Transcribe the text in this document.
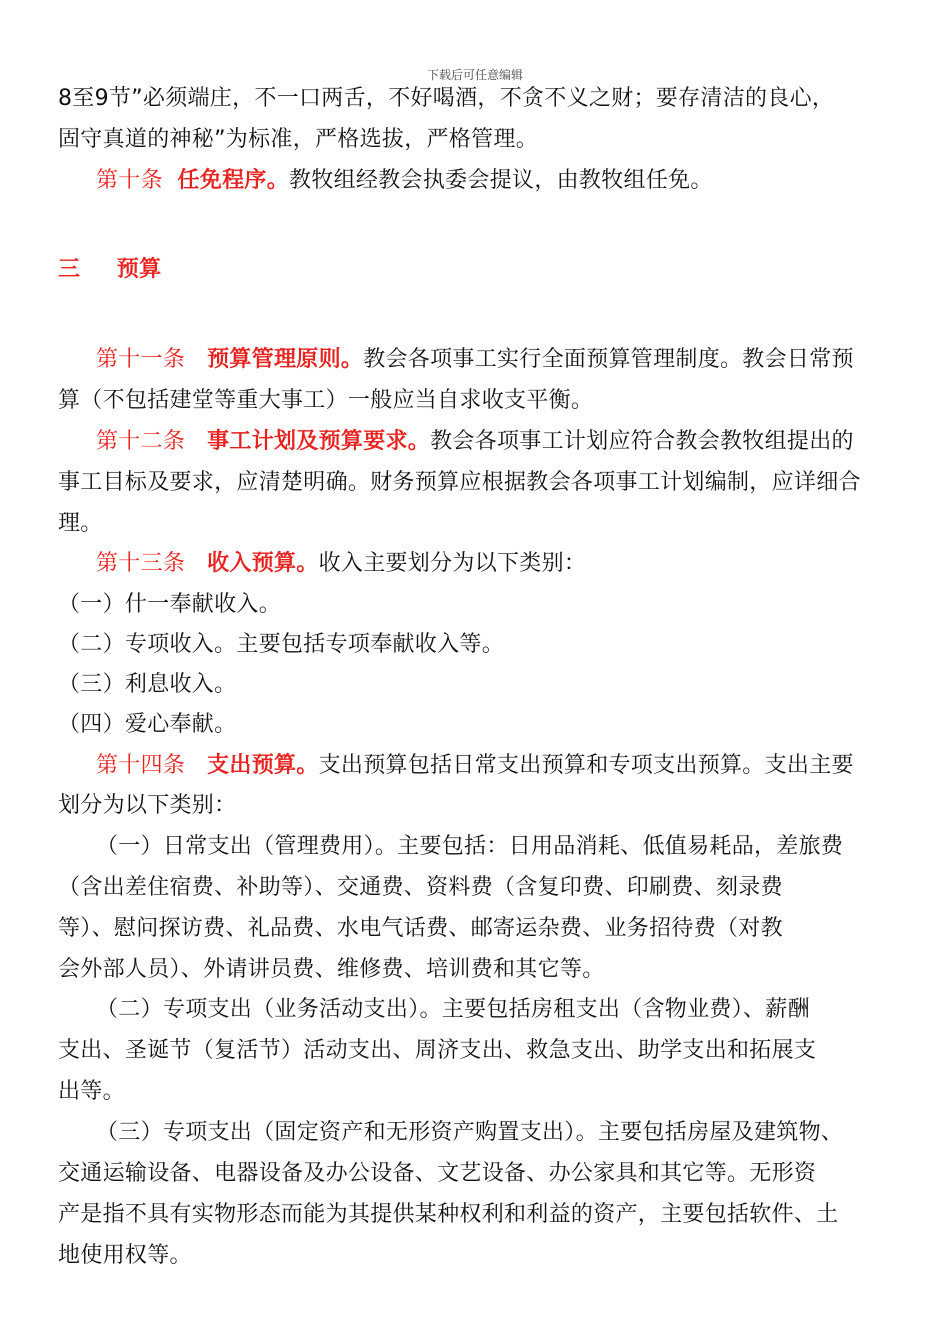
下载后可任意编辑
8至9节”必须端庄，不一口两舌，不好喝酒，不贪不义之财；要存清洁的良心，
固守真道的神秘”为标准，严格选拔，严格管理。
第十条 任免程序。教牧组经教会执委会提议，由教牧组任免。
三 预算
第十一条 预算管理原则。教会各项事工实行全面预算管理制度。教会日常预
算（不包括建堂等重大事工）一般应当自求收支平衡。
第十二条 事工计划及预算要求。教会各项事工计划应符合教会教牧组提出的
事工目标及要求，应清楚明确。财务预算应根据教会各项事工计划编制，应详细合
理。
第十三条 收入预算。收入主要划分为以下类别：
（一）什一奉献收入。
（二）专项收入。主要包括专项奉献收入等。
（三）利息收入。
（四）爱心奉献。
第十四条 支出预算。支出预算包括日常支出预算和专项支出预算。支出主要
划分为以下类别：
（一）日常支出（管理费用）。主要包括：日用品消耗、低值易耗品，差旅费
（含出差住宿费、补助等）、交通费、资料费（含复印费、印刷费、刻录费
等）、慰问探访费、礼品费、水电气话费、邮寄运杂费、业务招待费（对教
会外部人员）、外请讲员费、维修费、培训费和其它等。
（二）专项支出（业务活动支出）。主要包括房租支出（含物业费）、薪酬
支出、圣诞节（复活节）活动支出、周济支出、救急支出、助学支出和拓展支
出等。
（三）专项支出（固定资产和无形资产购置支出）。主要包括房屋及建筑物、
交通运输设备、电器设备及办公设备、文艺设备、办公家具和其它等。无形资
产是指不具有实物形态而能为其提供某种权利和利益的资产，主要包括软件、土
地使用权等。
